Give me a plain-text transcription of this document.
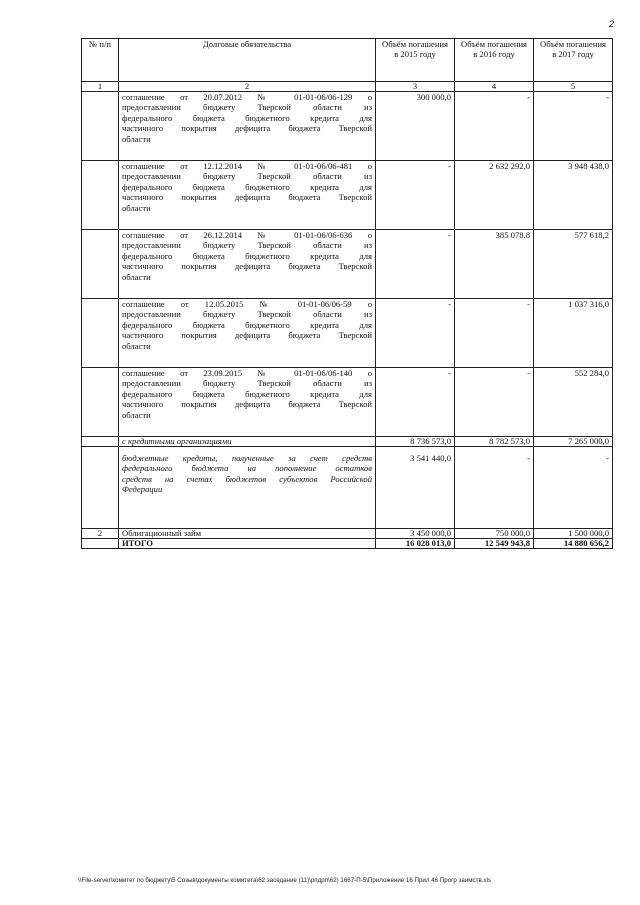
2
№ п/п	Долговые обязательства	Объём погашения в 2015 году	Объём погашения в 2016 году	Объём погашения в 2017 году
1	2	3	4	5

	соглашение от 20.07.2012 № 01-01-06/06-129 о
предоставлении бюджету Тверской области из
федерального бюджета бюджетного кредита для
частичного покрытия дефицита бюджета Тверской
области	300 000,0	-	-

	соглашение от 12.12.2014 № 01-01-06/06-481 о
предоставлении бюджету Тверской области из
федерального бюджета бюджетного кредита для
частичного покрытия дефицита бюджета Тверской
области	-	2 632 292,0	3 948 438,0

	соглашение от 26.12.2014 № 01-01-06/06-636 о
предоставлении бюджету Тверской области из
федерального бюджета бюджетного кредита для
частичного покрытия дефицита бюджета Тверской
области	-	385 078.8	577 618,2

	соглашение от 12.05.2015 № 01-01-06/06-59 о
предоставлении бюджету Тверской области из
федерального бюджета бюджетного кредита для
частичного покрытия дефицита бюджета Тверской
области	-	-	1 037 316,0

	соглашение от 23.09.2015 № 01-01-06/06-140 о
предоставлении бюджету Тверской области из
федерального бюджета бюджетного кредита для
частичного покрытия дефицита бюджета Тверской
области	-	-	552 284,0
	с кредитными организациями	8 736 573,0	8 782 573,0	7 265 000,0

	бюджетные кредиты, полученные за счет средств
федерального бюджета на пополнение остатков
средств на счетах бюджетов субъектов Российской
Федерации	3 541 440,0	-	-
2	Облигационный займ	3 450 000,0	750 000,0	1 500 000,0
	ИТОГО	16 028 013,0	12 549 943,8	14 880 656,2
\\File-server\комитет по бюджету\5 Созыв\документы комитета\62 заседание (11)\рпдрп\62) 1667-П-5\Приложение 16 Прил 46 Прогр заимств.xls
